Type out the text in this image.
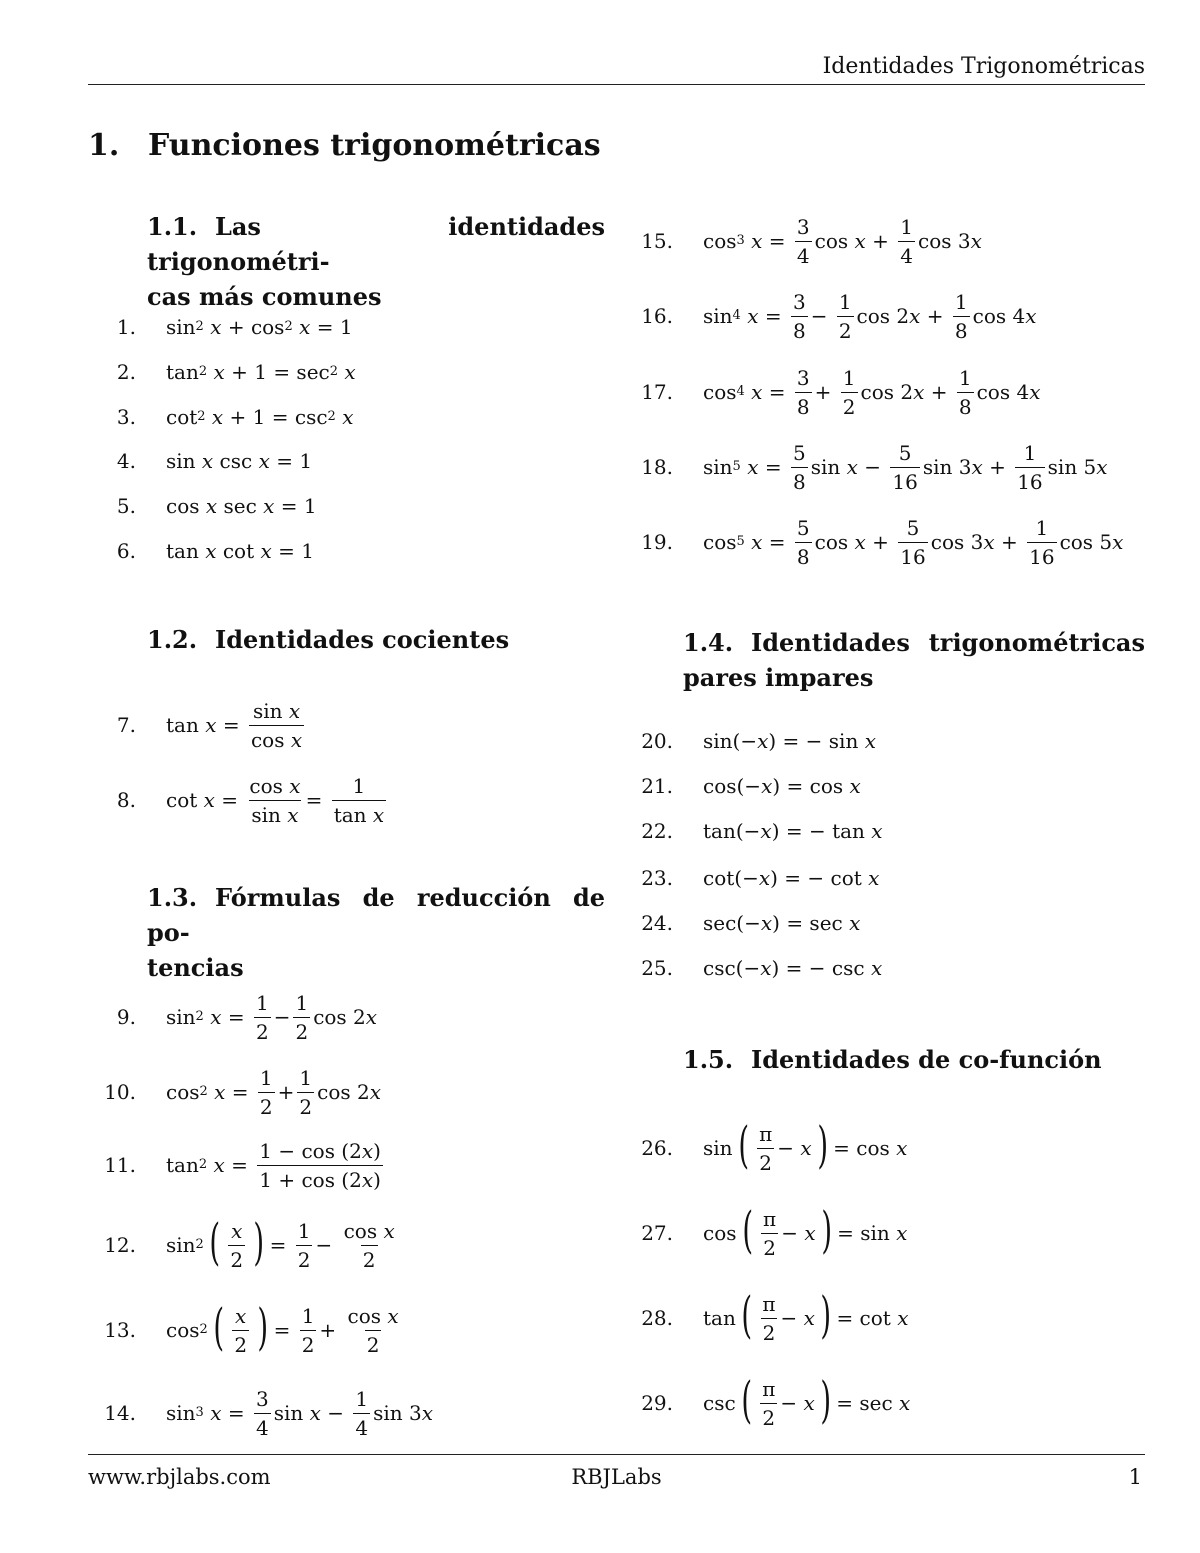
Identidades Trigonométricas
1. Funciones trigonométricas
1.1. Las identidades trigonométri-
cas más comunes
1. sin 2
x + cos 2
x = 1
2. tan 2
x + 1 = sec 2
x
3. cot 2
x + 1 = csc 2
x
4. sin x csc x = 1
5. cos x sec x = 1
6. tan x cot x = 1
1.2. Identidades cocientes
7. tan x =
sin x
cos x
8. cot x =
cos x
sin x
=
1
tan x
1.3. Fórmulas de reducción de po-
tencias
9. sin 2
x =
1
2
−
1
2
cos 2 x
10. cos 2
x =
1
2
+
1
2
cos 2 x
11. tan 2
x =
1 − cos (2x)
1 + cos (2x)
12. sin 2 ( x
2 ) =
1
2
−
cos x
2
13. cos 2 ( x
2 ) =
1
2
+
cos x
2
14. sin 3
x =
3
4
sin x −
1
4
sin 3 x
15. cos 3
x =
3
4
cos x +
1
4
cos 3 x
16. sin 4
x =
3
8
−
1
2
cos 2 x +
1
8
cos 4 x
17. cos 4
x =
3
8
+
1
2
cos 2 x +
1
8
cos 4 x
18. sin 5
x =
5
8
sin x −
5
16
sin 3 x +
1
16
sin 5 x
19. cos 5
x =
5
8
cos x +
5
16
cos 3 x +
1
16
cos 5 x
1.4. Identidades trigonométricas
pares impares
20. sin(− x ) = − sin x
21. cos(− x ) = cos x
22. tan(− x ) = − tan x
23. cot(− x ) = − cot x
24. sec(− x ) = sec x
25. csc(− x ) = − csc x
1.5. Identidades de co-función
26. sin ( π
2
− x ) = cos x
27. cos ( π
2
− x ) = sin x
28. tan ( π
2
− x ) = cot x
29. csc ( π
2
− x ) = sec x
RBJLabs
www.rbjlabs.com	1
